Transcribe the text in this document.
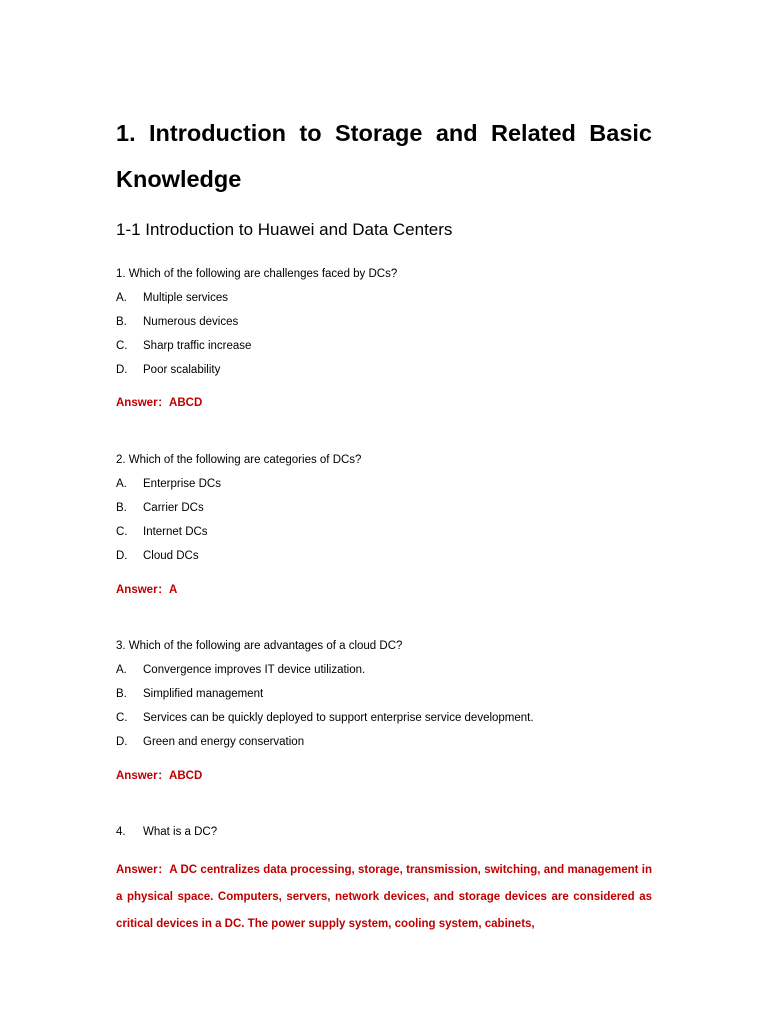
1. Introduction to Storage and Related Basic Knowledge
1-1 Introduction to Huawei and Data Centers

1. Which of the following are challenges faced by DCs?

A.	Multiple services
B.	Numerous devices
C.	Sharp traffic increase
D.	Poor scalability
Answer：ABCD

2. Which of the following are categories of DCs?

A.	Enterprise DCs
B.	Carrier DCs
C.	Internet DCs
D.	Cloud DCs
Answer：A

3. Which of the following are advantages of a cloud DC?

A.	Convergence improves IT device utilization.
B.	Simplified management
C.	Services can be quickly deployed to support enterprise service development.
D.	Green and energy conservation
Answer：ABCD
4.	What is a DC?

Answer：A DC centralizes data processing, storage, transmission, switching, and management in a physical space. Computers, servers, network devices, and storage devices are considered as critical devices in a DC. The power supply system, cooling system, cabinets,
